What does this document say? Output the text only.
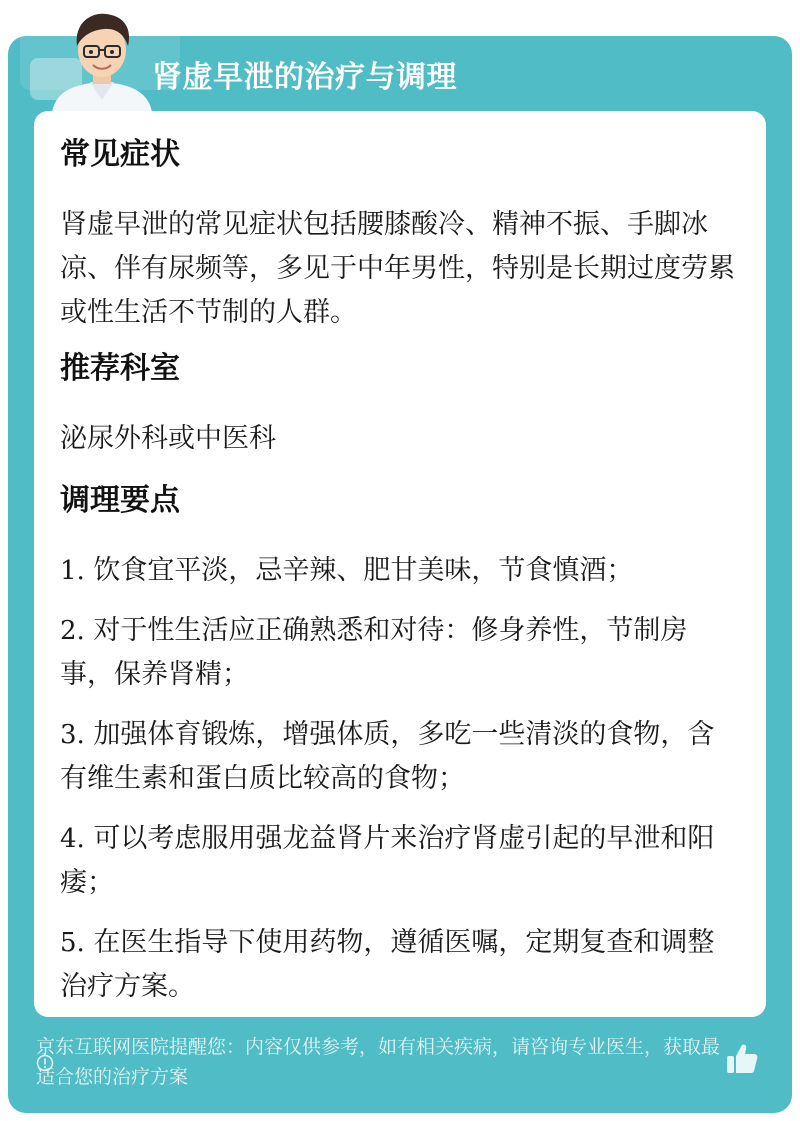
肾虚早泄的治疗与调理
常见症状
肾虚早泄的常见症状包括腰膝酸冷、精神不振、手脚冰凉、伴有尿频等，多见于中年男性，特别是长期过度劳累或性生活不节制的人群。
推荐科室
泌尿外科或中医科
调理要点
1. 饮食宜平淡，忌辛辣、肥甘美味，节食慎酒；
2. 对于性生活应正确熟悉和对待：修身养性，节制房事，保养肾精；
3. 加强体育锻炼，增强体质，多吃一些清淡的食物，含有维生素和蛋白质比较高的食物；
4. 可以考虑服用强龙益肾片来治疗肾虚引起的早泄和阳痿；
5. 在医生指导下使用药物，遵循医嘱，定期复查和调整治疗方案。
京东互联网医院提醒您：内容仅供参考，如有相关疾病，请咨询专业医生，获取最适合您的治疗方案
